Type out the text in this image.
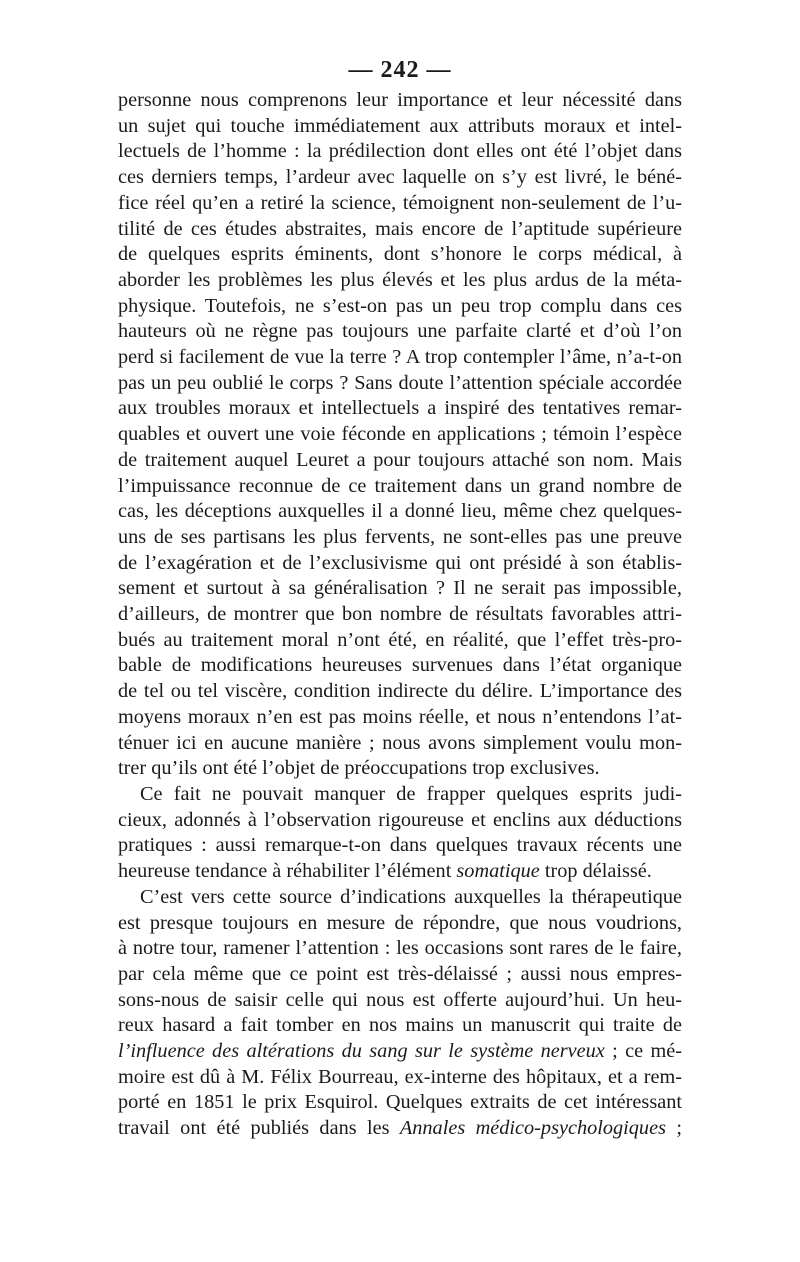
— 242 —
personne nous comprenons leur importance et leur nécessité dans
un sujet qui touche immédiatement aux attributs moraux et intel-
lectuels de l’homme : la prédilection dont elles ont été l’objet dans
ces derniers temps, l’ardeur avec laquelle on s’y est livré, le béné-
fice réel qu’en a retiré la science, témoignent non-seulement de l’u-
tilité de ces études abstraites, mais encore de l’aptitude supérieure
de quelques esprits éminents, dont s’honore le corps médical, à
aborder les problèmes les plus élevés et les plus ardus de la méta-
physique. Toutefois, ne s’est-on pas un peu trop complu dans ces
hauteurs où ne règne pas toujours une parfaite clarté et d’où l’on
perd si facilement de vue la terre ? A trop contempler l’âme, n’a-t-on
pas un peu oublié le corps ? Sans doute l’attention spéciale accordée
aux troubles moraux et intellectuels a inspiré des tentatives remar-
quables et ouvert une voie féconde en applications ; témoin l’espèce
de traitement auquel Leuret a pour toujours attaché son nom. Mais
l’impuissance reconnue de ce traitement dans un grand nombre de
cas, les déceptions auxquelles il a donné lieu, même chez quelques-
uns de ses partisans les plus fervents, ne sont-elles pas une preuve
de l’exagération et de l’exclusivisme qui ont présidé à son établis-
sement et surtout à sa généralisation ? Il ne serait pas impossible,
d’ailleurs, de montrer que bon nombre de résultats favorables attri-
bués au traitement moral n’ont été, en réalité, que l’effet très-pro-
bable de modifications heureuses survenues dans l’état organique
de tel ou tel viscère, condition indirecte du délire. L’importance des
moyens moraux n’en est pas moins réelle, et nous n’entendons l’at-
ténuer ici en aucune manière ; nous avons simplement voulu mon-
trer qu’ils ont été l’objet de préoccupations trop exclusives.
Ce fait ne pouvait manquer de frapper quelques esprits judi-
cieux, adonnés à l’observation rigoureuse et enclins aux déductions
pratiques : aussi remarque-t-on dans quelques travaux récents une
heureuse tendance à réhabiliter l’élément somatique trop délaissé.
C’est vers cette source d’indications auxquelles la thérapeutique
est presque toujours en mesure de répondre, que nous voudrions,
à notre tour, ramener l’attention : les occasions sont rares de le faire,
par cela même que ce point est très-délaissé ; aussi nous empres-
sons-nous de saisir celle qui nous est offerte aujourd’hui. Un heu-
reux hasard a fait tomber en nos mains un manuscrit qui traite de
l’influence des altérations du sang sur le système nerveux ; ce mé-
moire est dû à M. Félix Bourreau, ex-interne des hôpitaux, et a rem-
porté en 1851 le prix Esquirol. Quelques extraits de cet intéressant
travail ont été publiés dans les Annales médico-psychologiques ;
